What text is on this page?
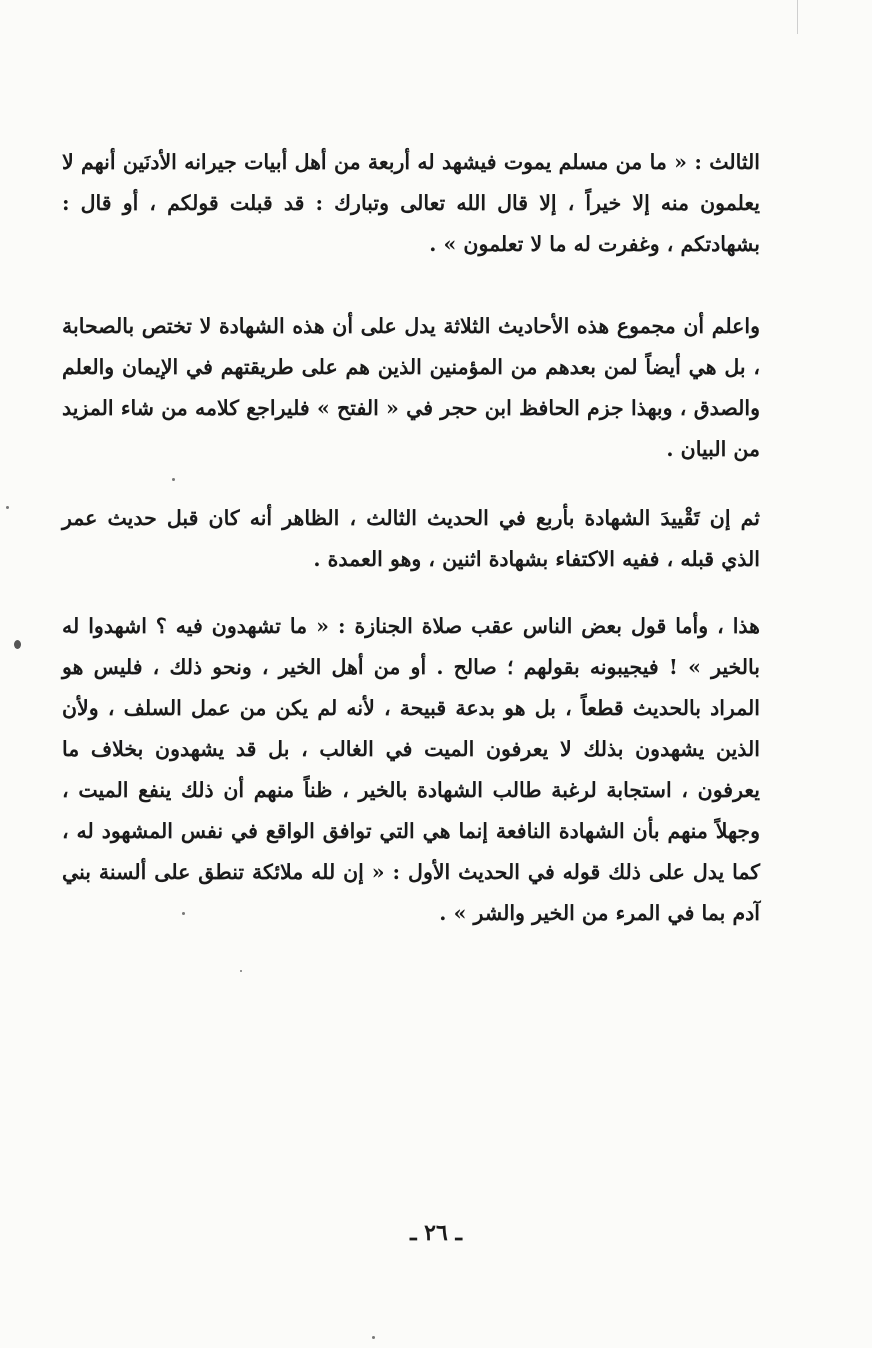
الثالث : « ما من مسلم يموت فيشهد له أربعة من أهل أبيات جيرانه الأدنَين أنهم لا يعلمون منه إلا خيراً ، إلا قال الله تعالى وتبارك : قد قبلت قولكم ، أو قال : بشهادتكم ، وغفرت له ما لا تعلمون » .

واعلم أن مجموع هذه الأحاديث الثلاثة يدل على أن هذه الشهادة لا تختص بالصحابة ، بل هي أيضاً لمن بعدهم من المؤمنين الذين هم على طريقتهم في الإيمان والعلم والصدق ، وبهذا جزم الحافظ ابن حجر في « الفتح » فليراجع كلامه من شاء المزيد من البيان .

ثم إن تَقْييدَ الشهادة بأربع في الحديث الثالث ، الظاهر أنه كان قبل حديث عمر الذي قبله ، ففيه الاكتفاء بشهادة اثنين ، وهو العمدة .

هذا ، وأما قول بعض الناس عقب صلاة الجنازة : « ما تشهدون فيه ؟ اشهدوا له بالخير » ! فيجيبونه بقولهم ؛ صالح . أو من أهل الخير ، ونحو ذلك ، فليس هو المراد بالحديث قطعاً ، بل هو بدعة قبيحة ، لأنه لم يكن من عمل السلف ، ولأن الذين يشهدون بذلك لا يعرفون الميت في الغالب ، بل قد يشهدون بخلاف ما يعرفون ، استجابة لرغبة طالب الشهادة بالخير ، ظناً منهم أن ذلك ينفع الميت ، وجهلاً منهم بأن الشهادة النافعة إنما هي التي توافق الواقع في نفس المشهود له ، كما يدل على ذلك قوله في الحديث الأول : « إن لله ملائكة تنطق على ألسنة بني آدم بما في المرء من الخير والشر » .

ـ ٢٦ ـ
